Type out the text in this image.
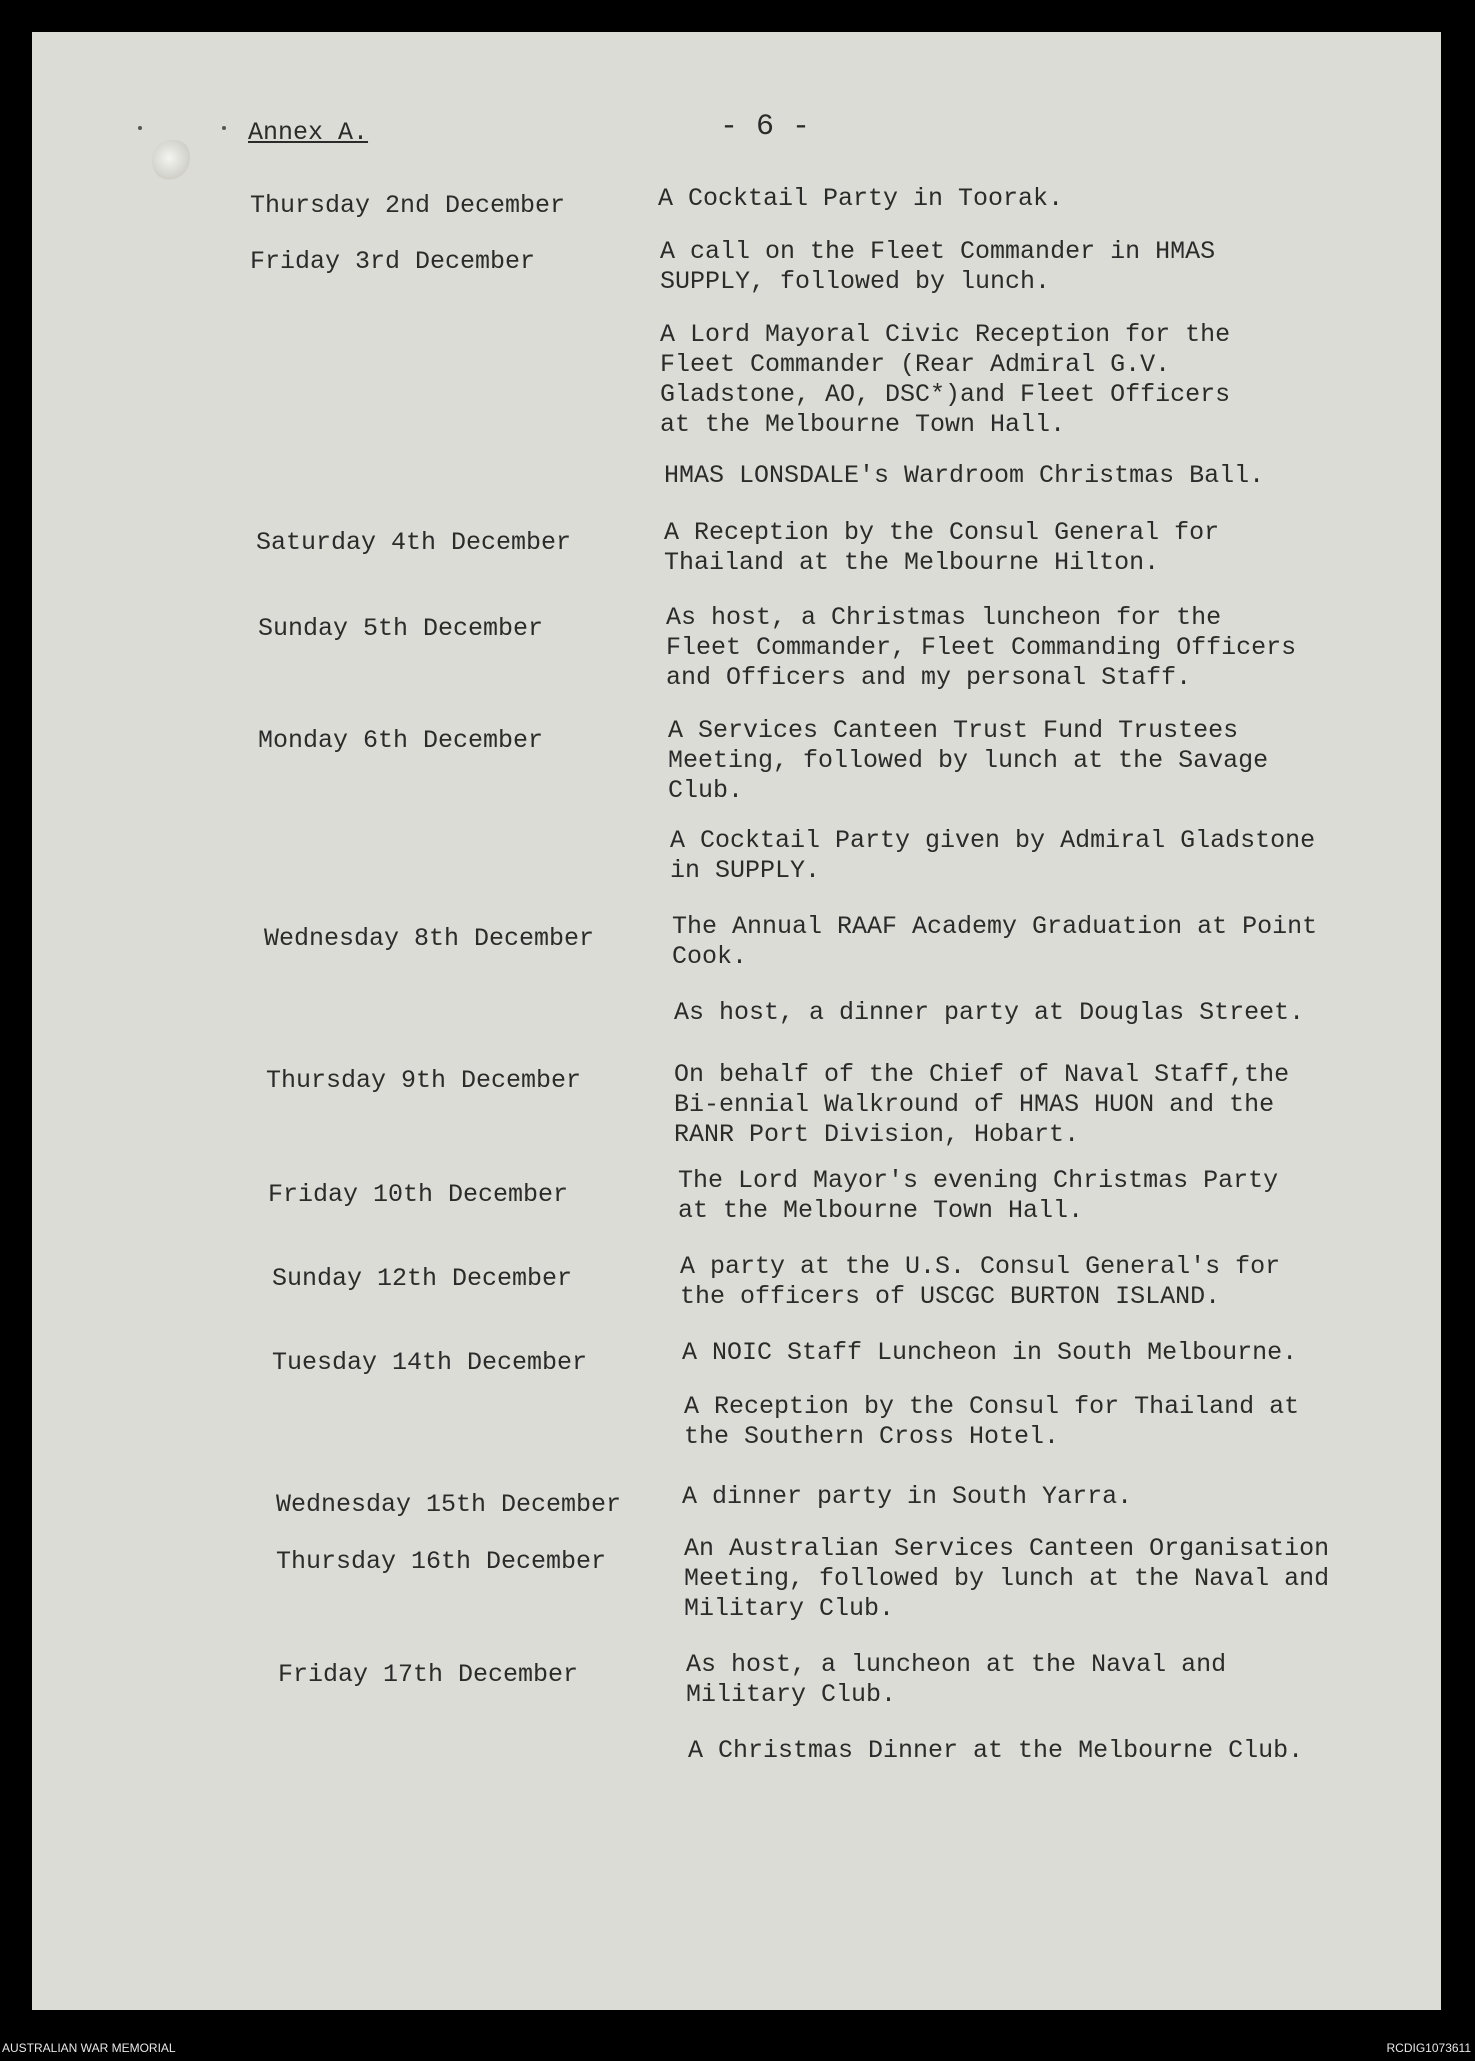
Annex A.	- 6 -
Thursday 2nd December	A Cocktail Party in Toorak.
Friday 3rd December	A call on the Fleet Commander in HMAS
SUPPLY, followed by lunch.
A Lord Mayoral Civic Reception for the
Fleet Commander (Rear Admiral G.V.
Gladstone, AO, DSC*)and Fleet Officers
at the Melbourne Town Hall.
HMAS LONSDALE's Wardroom Christmas Ball.
Saturday 4th December	A Reception by the Consul General for
Thailand at the Melbourne Hilton.
Sunday 5th December	As host, a Christmas luncheon for the
Fleet Commander, Fleet Commanding Officers
and Officers and my personal Staff.
Monday 6th December	A Services Canteen Trust Fund Trustees
Meeting, followed by lunch at the Savage
Club.
A Cocktail Party given by Admiral Gladstone
in SUPPLY.
Wednesday 8th December	The Annual RAAF Academy Graduation at Point
Cook.
As host, a dinner party at Douglas Street.
Thursday 9th December	On behalf of the Chief of Naval Staff,the
Bi-ennial Walkround of HMAS HUON and the
RANR Port Division, Hobart.
Friday 10th December	The Lord Mayor's evening Christmas Party
at the Melbourne Town Hall.
Sunday 12th December	A party at the U.S. Consul General's for
the officers of USCGC BURTON ISLAND.
Tuesday 14th December	A NOIC Staff Luncheon in South Melbourne.
A Reception by the Consul for Thailand at
the Southern Cross Hotel.
Wednesday 15th December A dinner party in South Yarra.
Thursday 16th December	An Australian Services Canteen Organisation
Meeting, followed by lunch at the Naval and
Military Club.
Friday 17th December	As host, a luncheon at the Naval and
Military Club.
A Christmas Dinner at the Melbourne Club.
AUSTRALIAN WAR MEMORIAL	RCDIG1073611
